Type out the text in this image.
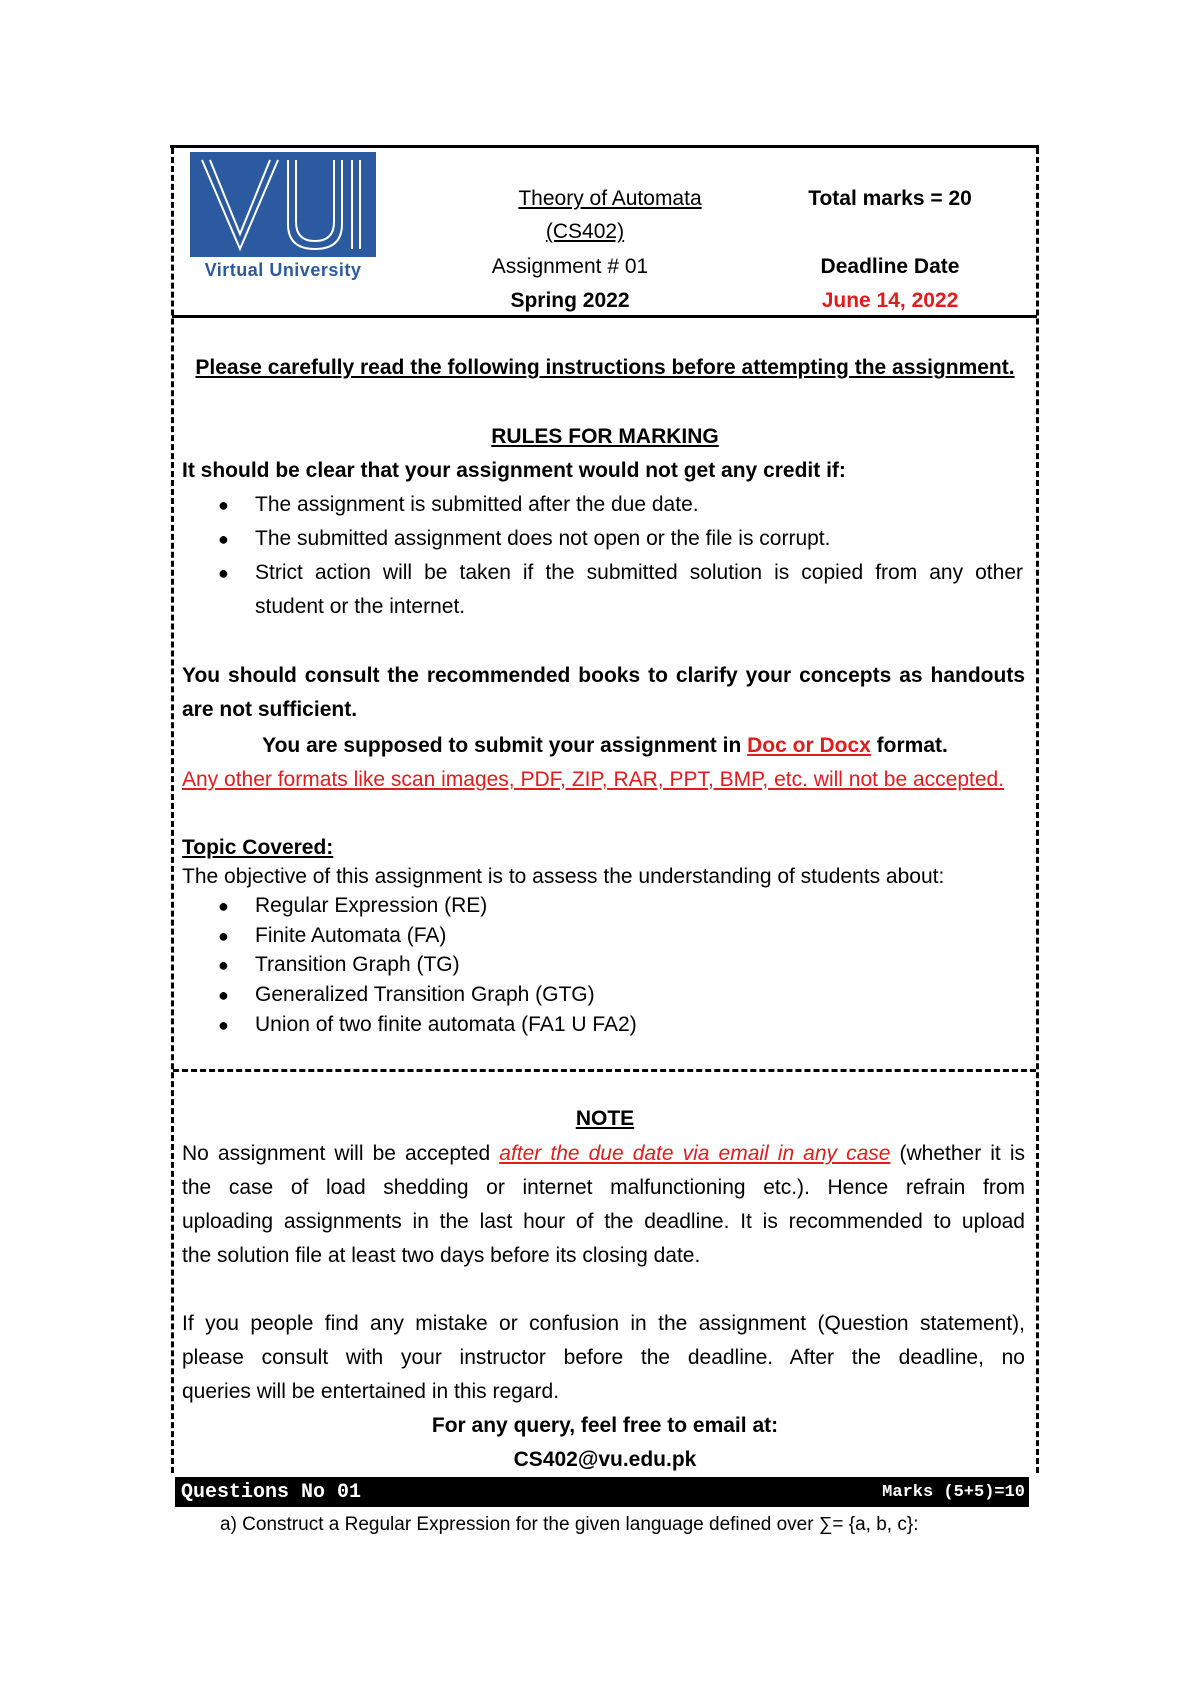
VU
Virtual University
Theory of Automata
(CS402)
Assignment # 01
Spring 2022
Total marks = 20
Deadline Date
June 14, 2022
Please carefully read the following instructions before attempting the assignment.
RULES FOR MARKING
It should be clear that your assignment would not get any credit if:
● The assignment is submitted after the due date.
● The submitted assignment does not open or the file is corrupt.
● Strict action will be taken if the submitted solution is copied from any other
student or the internet.
You should consult the recommended books to clarify your concepts as handouts
are not sufficient.
You are supposed to submit your assignment in Doc or Docx format.
Any other formats like scan images, PDF, ZIP, RAR, PPT, BMP, etc. will not be accepted.
Topic Covered:
The objective of this assignment is to assess the understanding of students about:
● Regular Expression (RE)
● Finite Automata (FA)
● Transition Graph (TG)
● Generalized Transition Graph (GTG)
● Union of two finite automata (FA1 U FA2)
NOTE
No assignment will be accepted after the due date via email in any case (whether it is
the case of load shedding or internet malfunctioning etc.). Hence refrain from
uploading assignments in the last hour of the deadline. It is recommended to upload
the solution file at least two days before its closing date.
If you people find any mistake or confusion in the assignment (Question statement),
please consult with your instructor before the deadline. After the deadline, no
queries will be entertained in this regard.
For any query, feel free to email at:
CS402@vu.edu.pk
Questions No 01	Marks (5+5)=10
a) Construct a Regular Expression for the given language defined over ∑= {a, b, c}:
